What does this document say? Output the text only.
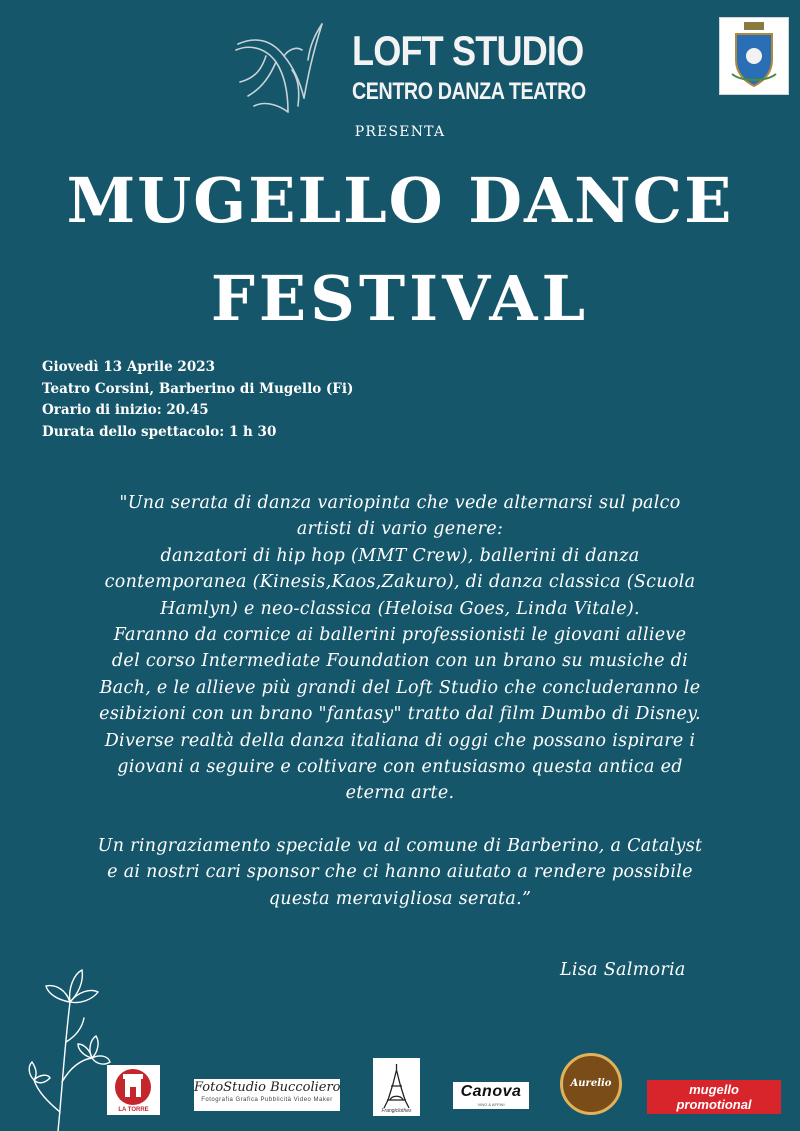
LOFT STUDIO
CENTRO DANZA TEATRO
PRESENTA
MUGELLO DANCE
FESTIVAL
Giovedì 13 Aprile 2023
Teatro Corsini, Barberino di Mugello (Fi)
Orario di inizio: 20.45
Durata dello spettacolo: 1 h 30

"Una serata di danza variopinta che vede alternarsi sul palco

artisti di vario genere:

danzatori di hip hop (MMT Crew), ballerini di danza

contemporanea (Kinesis,Kaos,Zakuro), di danza classica (Scuola

Hamlyn) e neo-classica (Heloisa Goes, Linda Vitale).

Faranno da cornice ai ballerini professionisti le giovani allieve

del corso Intermediate Foundation con un brano su musiche di

Bach, e le allieve più grandi del Loft Studio che concluderanno le

esibizioni con un brano "fantasy" tratto dal film Dumbo di Disney.

Diverse realtà della danza italiana di oggi che possano ispirare i

giovani a seguire e coltivare con entusiasmo questa antica ed

eterna arte.

Un ringraziamento speciale va al comune di Barberino, a Catalyst

e ai nostri cari sponsor che ci hanno aiutato a rendere possibile

questa meravigliosa serata.”

Lisa Salmoria
LA TORRE
FotoStudio Buccoliero
Fotografia Grafica Pubblicità Video Maker
Frangiclothes
Canova
VINO & AFFINI
Aurelio	mugello
promotional
